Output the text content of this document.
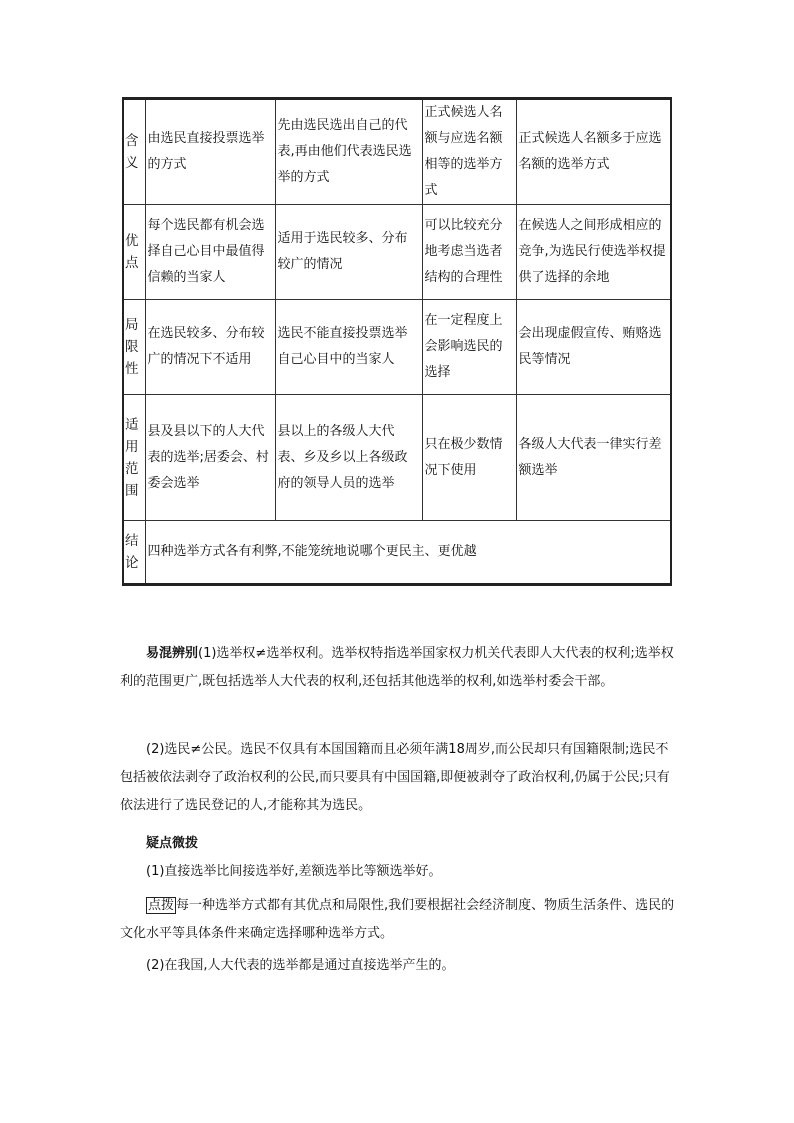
含义	由选民直接投票选举的方式	先由选民选出自己的代表,再由他们代表选民选举的方式	正式候选人名额与应选名额相等的选举方式	正式候选人名额多于应选名额的选举方式
优点	每个选民都有机会选择自己心目中最值得信赖的当家人	适用于选民较多、分布较广的情况	可以比较充分地考虑当选者结构的合理性	在候选人之间形成相应的竞争,为选民行使选举权提供了选择的余地
局限性	在选民较多、分布较广的情况下不适用	选民不能直接投票选举自己心目中的当家人	在一定程度上会影响选民的选择	会出现虚假宣传、贿赂选民等情况
适用范围	县及县以下的人大代表的选举;居委会、村委会选举	县以上的各级人大代表、乡及乡以上各级政府的领导人员的选举	只在极少数情况下使用	各级人大代表一律实行差额选举
结论	四种选举方式各有利弊,不能笼统地说哪个更民主、更优越			

易混辨别(1)选举权≠选举权利。选举权特指选举国家权力机关代表即人大代表的权利;选举权利的范围更广,既包括选举人大代表的权利,还包括其他选举的权利,如选举村委会干部。

(2)选民≠公民。选民不仅具有本国国籍而且必须年满18周岁,而公民却只有国籍限制;选民不包括被依法剥夺了政治权利的公民,而只要具有中国国籍,即便被剥夺了政治权利,仍属于公民;只有依法进行了选民登记的人,才能称其为选民。

疑点微拨

(1)直接选举比间接选举好,差额选举比等额选举好。

点拨 每一种选举方式都有其优点和局限性,我们要根据社会经济制度、物质生活条件、选民的文化水平等具体条件来确定选择哪种选举方式。

(2)在我国,人大代表的选举都是通过直接选举产生的。
